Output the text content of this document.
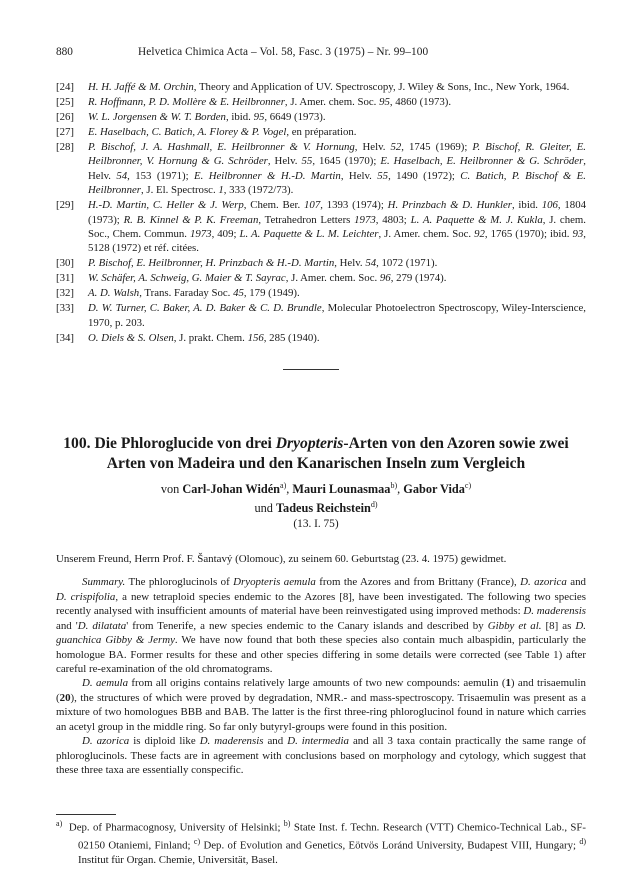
880	Helvetica Chimica Acta – Vol. 58, Fasc. 3 (1975) – Nr. 99–100

[24] H. H. Jaffé & M. Orchin, Theory and Application of UV. Spectroscopy, J. Wiley & Sons, Inc., New York, 1964.

[25] R. Hoffmann, P. D. Mollère & E. Heilbronner, J. Amer. chem. Soc. 95, 4860 (1973).

[26] W. L. Jorgensen & W. T. Borden, ibid. 95, 6649 (1973).

[27] E. Haselbach, C. Batich, A. Florey & P. Vogel, en préparation.

[28] P. Bischof, J. A. Hashmall, E. Heilbronner & V. Hornung, Helv. 52, 1745 (1969); P. Bischof, R. Gleiter, E. Heilbronner, V. Hornung & G. Schröder, Helv. 55, 1645 (1970); E. Haselbach, E. Heilbronner & G. Schröder, Helv. 54, 153 (1971); E. Heilbronner & H.-D. Martin, Helv. 55, 1490 (1972); C. Batich, P. Bischof & E. Heilbronner, J. El. Spectrosc. 1, 333 (1972/73).

[29] H.-D. Martin, C. Heller & J. Werp, Chem. Ber. 107, 1393 (1974); H. Prinzbach & D. Hunkler, ibid. 106, 1804 (1973); R. B. Kinnel & P. K. Freeman, Tetrahedron Letters 1973, 4803; L. A. Paquette & M. J. Kukla, J. chem. Soc., Chem. Commun. 1973, 409; L. A. Paquette & L. M. Leichter, J. Amer. chem. Soc. 92, 1765 (1970); ibid. 93, 5128 (1972) et réf. citées.

[30] P. Bischof, E. Heilbronner, H. Prinzbach & H.-D. Martin, Helv. 54, 1072 (1971).

[31] W. Schäfer, A. Schweig, G. Maier & T. Sayrac, J. Amer. chem. Soc. 96, 279 (1974).

[32] A. D. Walsh, Trans. Faraday Soc. 45, 179 (1949).

[33] D. W. Turner, C. Baker, A. D. Baker & C. D. Brundle, Molecular Photoelectron Spectroscopy, Wiley-Interscience, 1970, p. 203.

[34] O. Diels & S. Olsen, J. prakt. Chem. 156, 285 (1940).

100. Die Phloroglucide von drei Dryopteris-Arten von den Azoren sowie zwei Arten von Madeira und den Kanarischen Inseln zum Vergleich
von Carl-Johan Widén$^{a)}$, Mauri Lounasmaa$^{b)}$, Gabor Vida$^{c)}$
und Tadeus Reichstein$^{d)}$
(13. I. 75)

Unserem Freund, Herrn Prof. F. Šantavý (Olomouc), zu seinem 60. Geburtstag (23. 4. 1975) gewidmet.

Summary. The phloroglucinols of Dryopteris aemula from the Azores and from Brittany (France), D. azorica and D. crispifolia, a new tetraploid species endemic to the Azores [8], have been investigated. The following two species recently analysed with insufficient amounts of material have been reinvestigated using improved methods: D. maderensis and 'D. dilatata' from Tenerife, a new species endemic to the Canary islands and described by Gibby et al. [8] as D. guanchica Gibby & Jermy. We have now found that both these species also contain much albaspidin, particularly the homologue BA. Former results for these and other species differing in some details were corrected (see Table 1) after careful re-examination of the old chromatograms.

D. aemula from all origins contains relatively large amounts of two new compounds: aemulin (1) and trisaemulin (20), the structures of which were proved by degradation, NMR.- and mass-spectroscopy. Trisaemulin was present as a mixture of two homologues BBB and BAB. The latter is the first three-ring phloroglucinol found in nature which carries an acetyl group in the middle ring. So far only butyryl-groups were found in this position.

D. azorica is diploid like D. maderensis and D. intermedia and all 3 taxa contain practically the same range of phloroglucinols. These facts are in agreement with conclusions based on morphology and cytology, which suggest that these three taxa are essentially conspecific.

$^{a)}$ Dep. of Pharmacognosy, University of Helsinki; $^{b)}$ State Inst. f. Techn. Research (VTT) Chemico-Technical Lab., SF-02150 Otaniemi, Finland; $^{c)}$ Dep. of Evolution and Genetics, Eötvös Loránd University, Budapest VIII, Hungary; $^{d)}$ Institut für Organ. Chemie, Universität, Basel.
